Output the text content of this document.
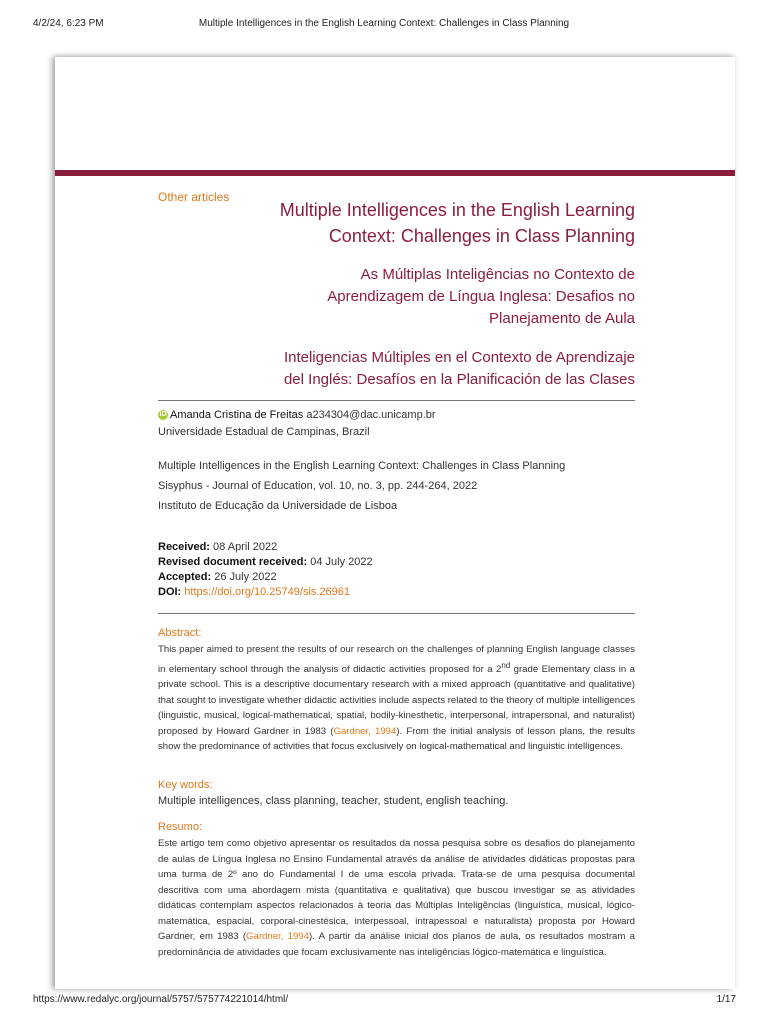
4/2/24, 6:23 PM	Multiple Intelligences in the English Learning Context: Challenges in Class Planning
Other articles
Multiple Intelligences in the English Learning
Context: Challenges in Class Planning
As Múltiplas Inteligências no Contexto de
Aprendizagem de Língua Inglesa: Desafios no
Planejamento de Aula
Inteligencias Múltiples en el Contexto de Aprendizaje
del Inglés: Desafíos en la Planificación de las Clases
iD Amanda Cristina de Freitas a234304@dac.unicamp.br
Universidade Estadual de Campinas, Brazil
Multiple Intelligences in the English Learning Context: Challenges in Class Planning
Sisyphus - Journal of Education, vol. 10, no. 3, pp. 244-264, 2022
Instituto de Educação da Universidade de Lisboa
Received: 08 April 2022
Revised document received: 04 July 2022
Accepted: 26 July 2022
DOI: https://doi.org/10.25749/sis.26961
Abstract:
This paper aimed to present the results of our research on the challenges of planning English language classes in elementary school through the analysis of didactic activities proposed for a 2nd grade Elementary class in a private school. This is a descriptive documentary research with a mixed approach (quantitative and qualitative) that sought to investigate whether didactic activities include aspects related to the theory of multiple intelligences (linguistic, musical, logical-mathematical, spatial, bodily-kinesthetic, interpersonal, intrapersonal, and naturalist) proposed by Howard Gardner in 1983 (Gardner, 1994). From the initial analysis of lesson plans, the results show the predominance of activities that focus exclusively on logical-mathematical and linguistic intelligences.
Key words:
Multiple intelligences, class planning, teacher, student, english teaching.
Resumo:
Este artigo tem como objetivo apresentar os resultados da nossa pesquisa sobre os desafios do planejamento de aulas de Língua Inglesa no Ensino Fundamental através da análise de atividades didáticas propostas para uma turma de 2º ano do Fundamental I de uma escola privada. Trata-se de uma pesquisa documental descritiva com uma abordagem mista (quantitativa e qualitativa) que buscou investigar se as atividades didáticas contemplam aspectos relacionados à teoria das Múltiplas Inteligências (linguística, musical, lógico-matemática, espacial, corporal-cinestésica, interpessoal, intrapessoal e naturalista) proposta por Howard Gardner, em 1983 (Gardner, 1994). A partir da análise inicial dos planos de aula, os resultados mostram a predominância de atividades que focam exclusivamente nas inteligências lógico-matemática e linguística.
https://www.redalyc.org/journal/5757/575774221014/html/	1/17
